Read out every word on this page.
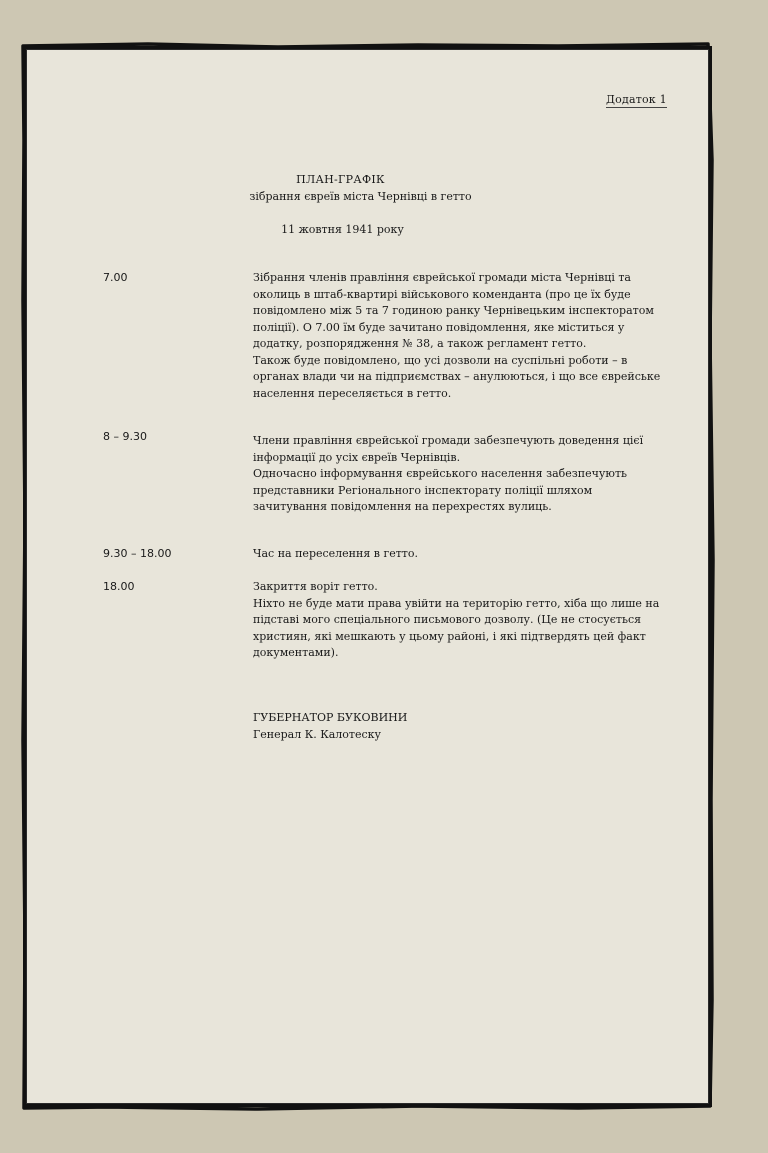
Додаток 1
ПЛАН-ГРАФІК
зібрання євреїв міста Чернівці в гетто
11 жовтня 1941 року
7.00	Зібрання членів правління єврейської громади міста Чернівці та околиць в штаб-квартирі військового коменданта (про це їх буде повідомлено між 5 та 7 годиною ранку Чернівецьким інспекторатом поліції). О 7.00 їм буде зачитано повідомлення, яке міститься у додатку, розпорядження № 38, а також регламент гетто.

Також буде повідомлено, що усі дозволи на суспільні роботи – в органах влади чи на підприємствах – анулюються, і що все єврейське населення переселяється в гетто.

8 – 9.30	Члени правління єврейської громади забезпечують доведення цієї інформації до усіх євреїв Чернівців.

Одночасно інформування єврейського населення забезпечують представники Регіонального інспекторату поліції шляхом зачитування повідомлення на перехрестях вулиць.

9.30 – 18.00	Час на переселення в гетто.

18.00	Закриття воріт гетто.

Ніхто не буде мати права увійти на територію гетто, хіба що лише на підставі мого спеціального письмового дозволу. (Це не стосується християн, які мешкають у цьому районі, і які підтвердять цей факт документами).

ГУБЕРНАТОР БУКОВИНИ
Генерал К. Калотеску
